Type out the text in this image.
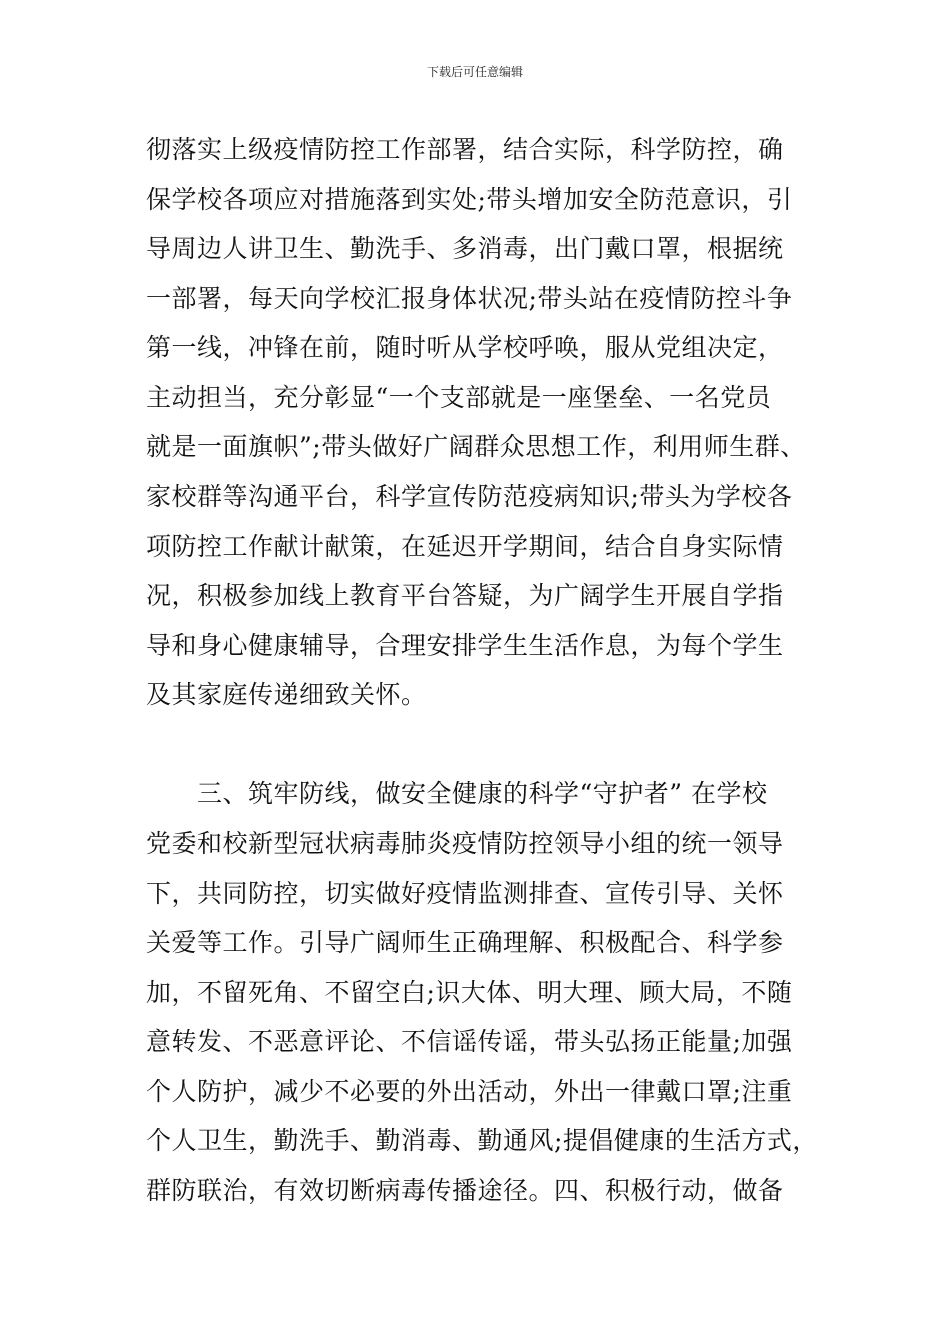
下载后可任意编辑
彻落实上级疫情防控工作部署，结合实际，科学防控，确
保学校各项应对措施落到实处;带头增加安全防范意识，引
导周边人讲卫生、勤洗手、多消毒，出门戴口罩，根据统
一部署，每天向学校汇报身体状况;带头站在疫情防控斗争
第一线，冲锋在前，随时听从学校呼唤，服从党组决定，
主动担当，充分彰显“一个支部就是一座堡垒、一名党员
就是一面旗帜”;带头做好广阔群众思想工作，利用师生群、
家校群等沟通平台，科学宣传防范疫病知识;带头为学校各
项防控工作献计献策，在延迟开学期间，结合自身实际情
况，积极参加线上教育平台答疑，为广阔学生开展自学指
导和身心健康辅导，合理安排学生生活作息，为每个学生
及其家庭传递细致关怀。
　　三、筑牢防线，做安全健康的科学“守护者” 在学校
党委和校新型冠状病毒肺炎疫情防控领导小组的统一领导
下，共同防控，切实做好疫情监测排查、宣传引导、关怀
关爱等工作。引导广阔师生正确理解、积极配合、科学参
加，不留死角、不留空白;识大体、明大理、顾大局，不随
意转发、不恶意评论、不信谣传谣，带头弘扬正能量;加强
个人防护，减少不必要的外出活动，外出一律戴口罩;注重
个人卫生，勤洗手、勤消毒、勤通风;提倡健康的生活方式，
群防联治，有效切断病毒传播途径。四、积极行动，做备
